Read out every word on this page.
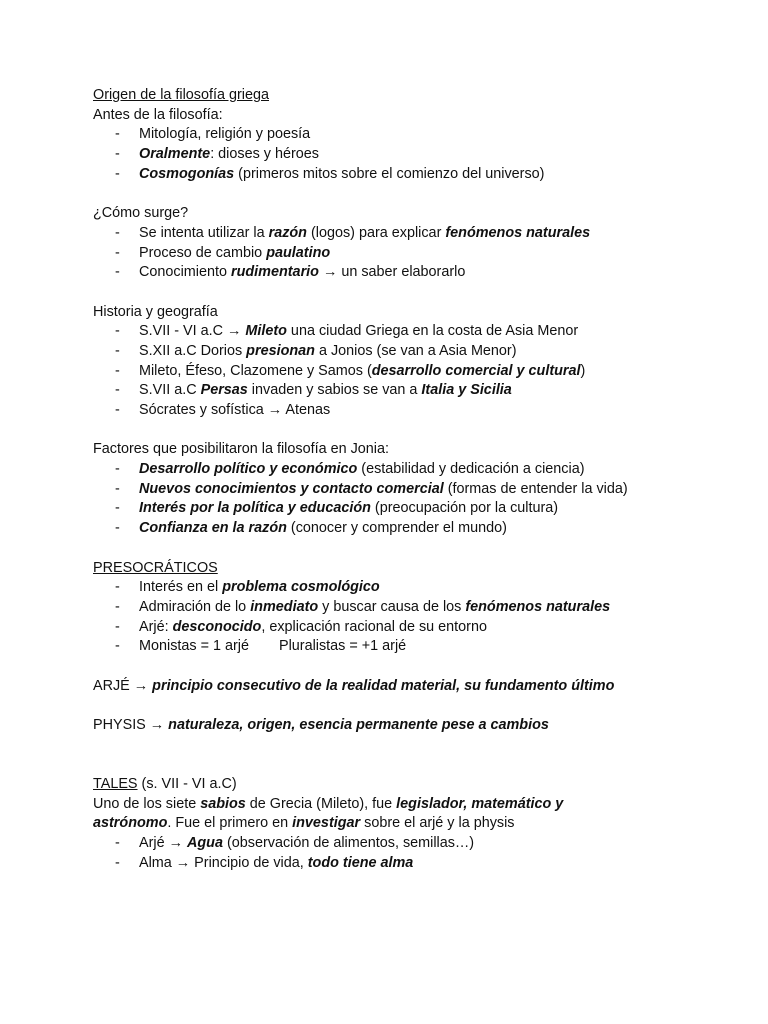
Origen de la filosofía griega
Antes de la filosofía:
- Mitología, religión y poesía
- Oralmente: dioses y héroes
- Cosmogonías (primeros mitos sobre el comienzo del universo)
¿Cómo surge?
- Se intenta utilizar la razón (logos) para explicar fenómenos naturales
- Proceso de cambio paulatino
- Conocimiento rudimentario → un saber elaborarlo
Historia y geografía
- S.VII - VI a.C → Mileto una ciudad Griega en la costa de Asia Menor
- S.XII a.C Dorios presionan a Jonios (se van a Asia Menor)
- Mileto, Éfeso, Clazomene y Samos (desarrollo comercial y cultural)
- S.VII a.C Persas invaden y sabios se van a Italia y Sicilia
- Sócrates y sofística → Atenas
Factores que posibilitaron la filosofía en Jonia:
- Desarrollo político y económico (estabilidad y dedicación a ciencia)
- Nuevos conocimientos y contacto comercial (formas de entender la vida)
- Interés por la política y educación (preocupación por la cultura)
- Confianza en la razón (conocer y comprender el mundo)
PRESOCRÁTICOS
- Interés en el problema cosmológico
- Admiración de lo inmediato y buscar causa de los fenómenos naturales
- Arjé: desconocido, explicación racional de su entorno
- Monistas = 1 arjé Pluralistas = +1 arjé
ARJÉ → principio consecutivo de la realidad material, su fundamento último
PHYSIS → naturaleza, origen, esencia permanente pese a cambios
TALES (s. VII - VI a.C)
Uno de los siete sabios de Grecia (Mileto), fue legislador, matemático y astrónomo. Fue el primero en investigar sobre el arjé y la physis
- Arjé → Agua (observación de alimentos, semillas…)
- Alma → Principio de vida, todo tiene alma
